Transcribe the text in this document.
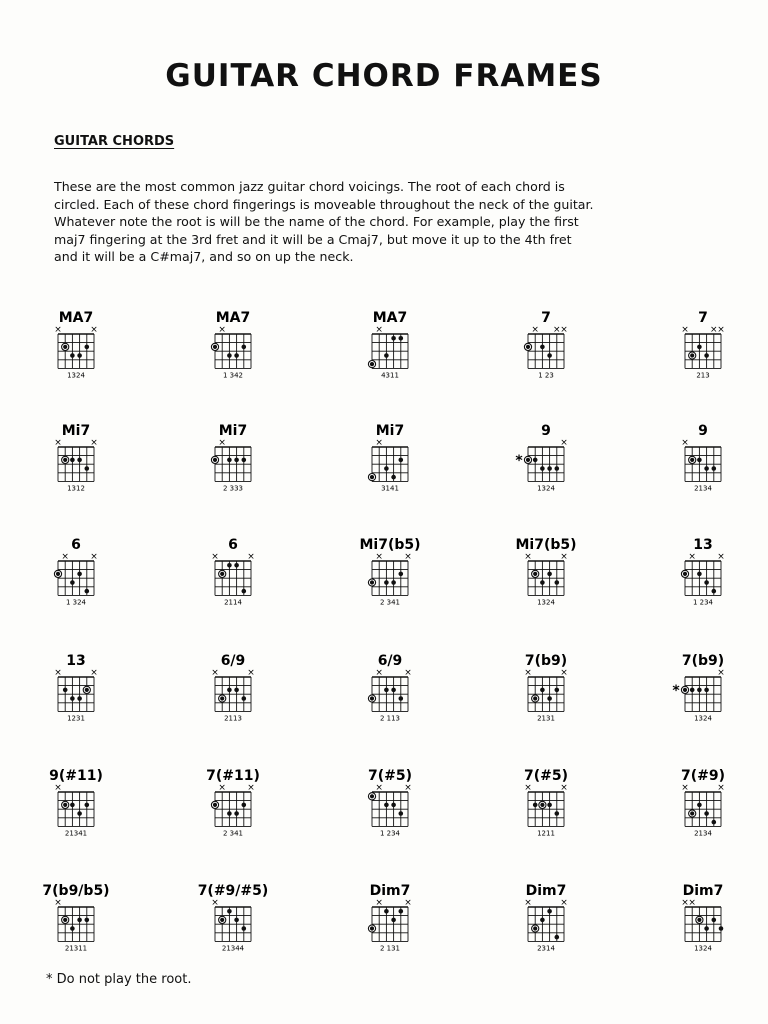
GUITAR CHORD FRAMES
GUITAR CHORDS

These are the most common jazz guitar chord voicings. The root of each chord is
circled. Each of these chord fingerings is moveable throughout the neck of the guitar.
Whatever note the root is will be the name of the chord. For example, play the first
maj7 fingering at the 3rd fret and it will be a Cmaj7, but move it up to the 4th fret
and it will be a C#maj7, and so on up the neck.

MA7
×	×
1324
MA7
×
1 342
MA7
×
4311
7
× × ×
1 23
7
× × ×
213
Mi7
×	×
1312
Mi7
×
2 333
Mi7
×
3141
9
×
*
1324
9
×
2134
6
× ×
1 324
6
×	×
2114
Mi7(b5)
× ×
2 341
Mi7(b5)
×	×
1324
13
× ×
1 234
13
×	×
1231
6/9
×	×
2113
6/9
× ×
2 113
7(b9)
×	×
2131
7(b9)
×
*
1324
9(#11)
×
21341
7(#11)
× ×
2 341
7(#5)
× ×
1 234
7(#5)
×	×
1211
7(#9)
×	×
2134
7(b9/b5)
×
21311
7(#9/#5)
×
21344
Dim7
× ×
2 131
Dim7
×	×
2314
Dim7
× ×
1324

* Do not play the root.
